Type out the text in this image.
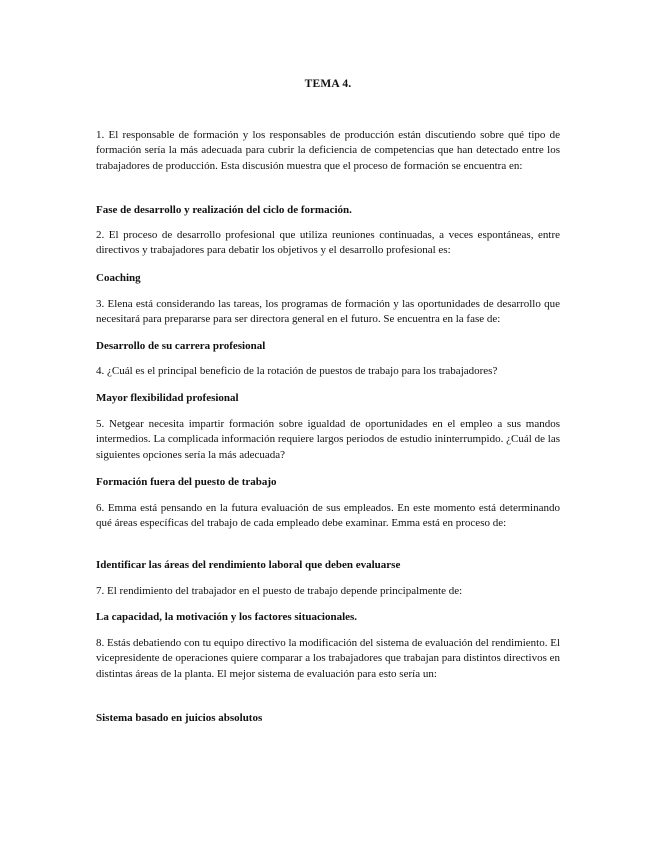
TEMA 4.

1. El responsable de formación y los responsables de producción están discutiendo sobre qué tipo de formación sería la más adecuada para cubrir la deficiencia de competencias que han detectado entre los trabajadores de producción. Esta discusión muestra que el proceso de formación se encuentra en:

Fase de desarrollo y realización del ciclo de formación.

2. El proceso de desarrollo profesional que utiliza reuniones continuadas, a veces espontáneas, entre directivos y trabajadores para debatir los objetivos y el desarrollo profesional es:

Coaching

3. Elena está considerando las tareas, los programas de formación y las oportunidades de desarrollo que necesitará para prepararse para ser directora general en el futuro. Se encuentra en la fase de:

Desarrollo de su carrera profesional

4. ¿Cuál es el principal beneficio de la rotación de puestos de trabajo para los trabajadores?

Mayor flexibilidad profesional

5. Netgear necesita impartir formación sobre igualdad de oportunidades en el empleo a sus mandos intermedios. La complicada información requiere largos periodos de estudio ininterrumpido. ¿Cuál de las siguientes opciones sería la más adecuada?

Formación fuera del puesto de trabajo

6. Emma está pensando en la futura evaluación de sus empleados. En este momento está determinando qué áreas específicas del trabajo de cada empleado debe examinar. Emma está en proceso de:

Identificar las áreas del rendimiento laboral que deben evaluarse

7. El rendimiento del trabajador en el puesto de trabajo depende principalmente de:

La capacidad, la motivación y los factores situacionales.

8. Estás debatiendo con tu equipo directivo la modificación del sistema de evaluación del rendimiento. El vicepresidente de operaciones quiere comparar a los trabajadores que trabajan para distintos directivos en distintas áreas de la planta. El mejor sistema de evaluación para esto sería un:

Sistema basado en juicios absolutos
